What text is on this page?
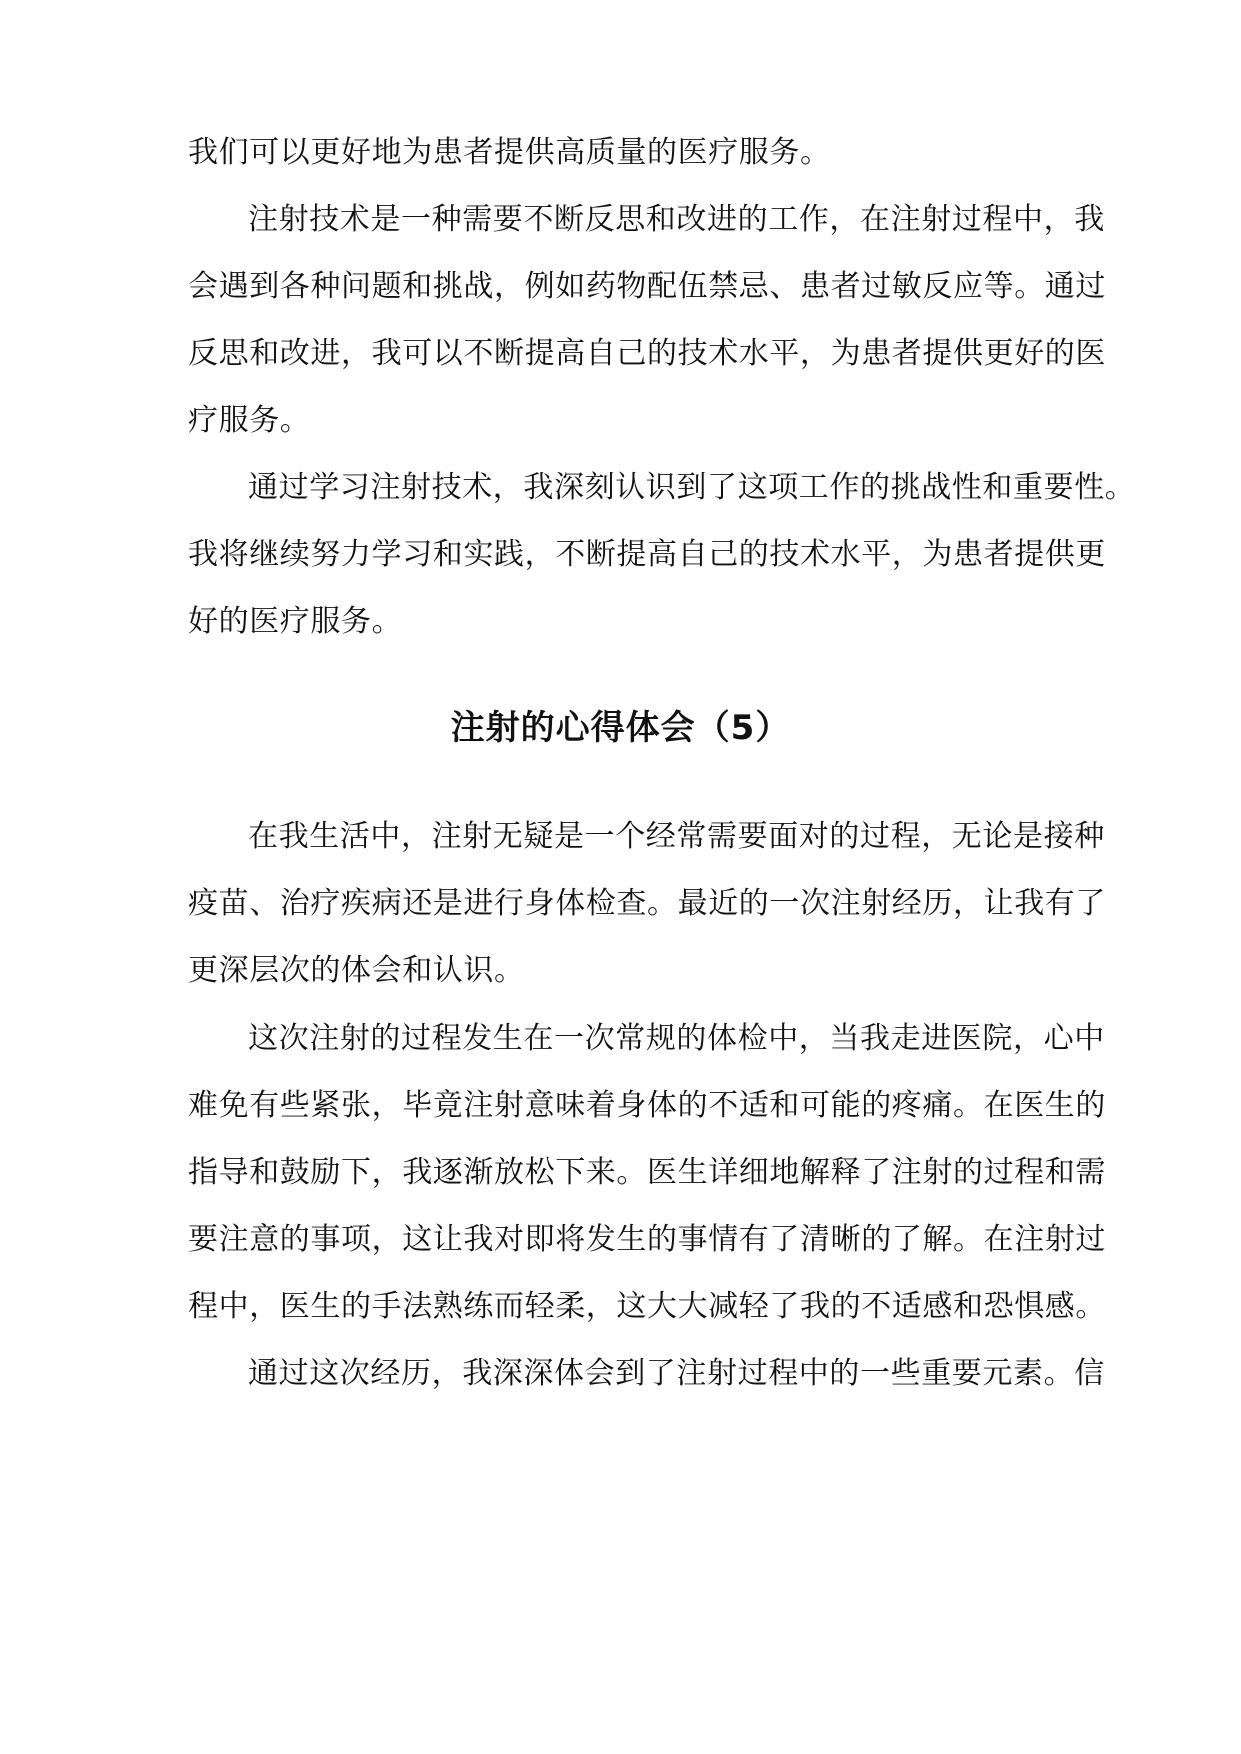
我们可以更好地为患者提供高质量的医疗服务。
注射技术是一种需要不断反思和改进的工作，在注射过程中，我
会遇到各种问题和挑战，例如药物配伍禁忌、患者过敏反应等。通过
反思和改进，我可以不断提高自己的技术水平，为患者提供更好的医
疗服务。
通过学习注射技术，我深刻认识到了这项工作的挑战性和重要性。
我将继续努力学习和实践，不断提高自己的技术水平，为患者提供更
好的医疗服务。
注射的心得体会（5）
在我生活中，注射无疑是一个经常需要面对的过程，无论是接种
疫苗、治疗疾病还是进行身体检查。最近的一次注射经历，让我有了
更深层次的体会和认识。
这次注射的过程发生在一次常规的体检中，当我走进医院，心中
难免有些紧张，毕竟注射意味着身体的不适和可能的疼痛。在医生的
指导和鼓励下，我逐渐放松下来。医生详细地解释了注射的过程和需
要注意的事项，这让我对即将发生的事情有了清晰的了解。在注射过
程中，医生的手法熟练而轻柔，这大大减轻了我的不适感和恐惧感。
通过这次经历，我深深体会到了注射过程中的一些重要元素。信
